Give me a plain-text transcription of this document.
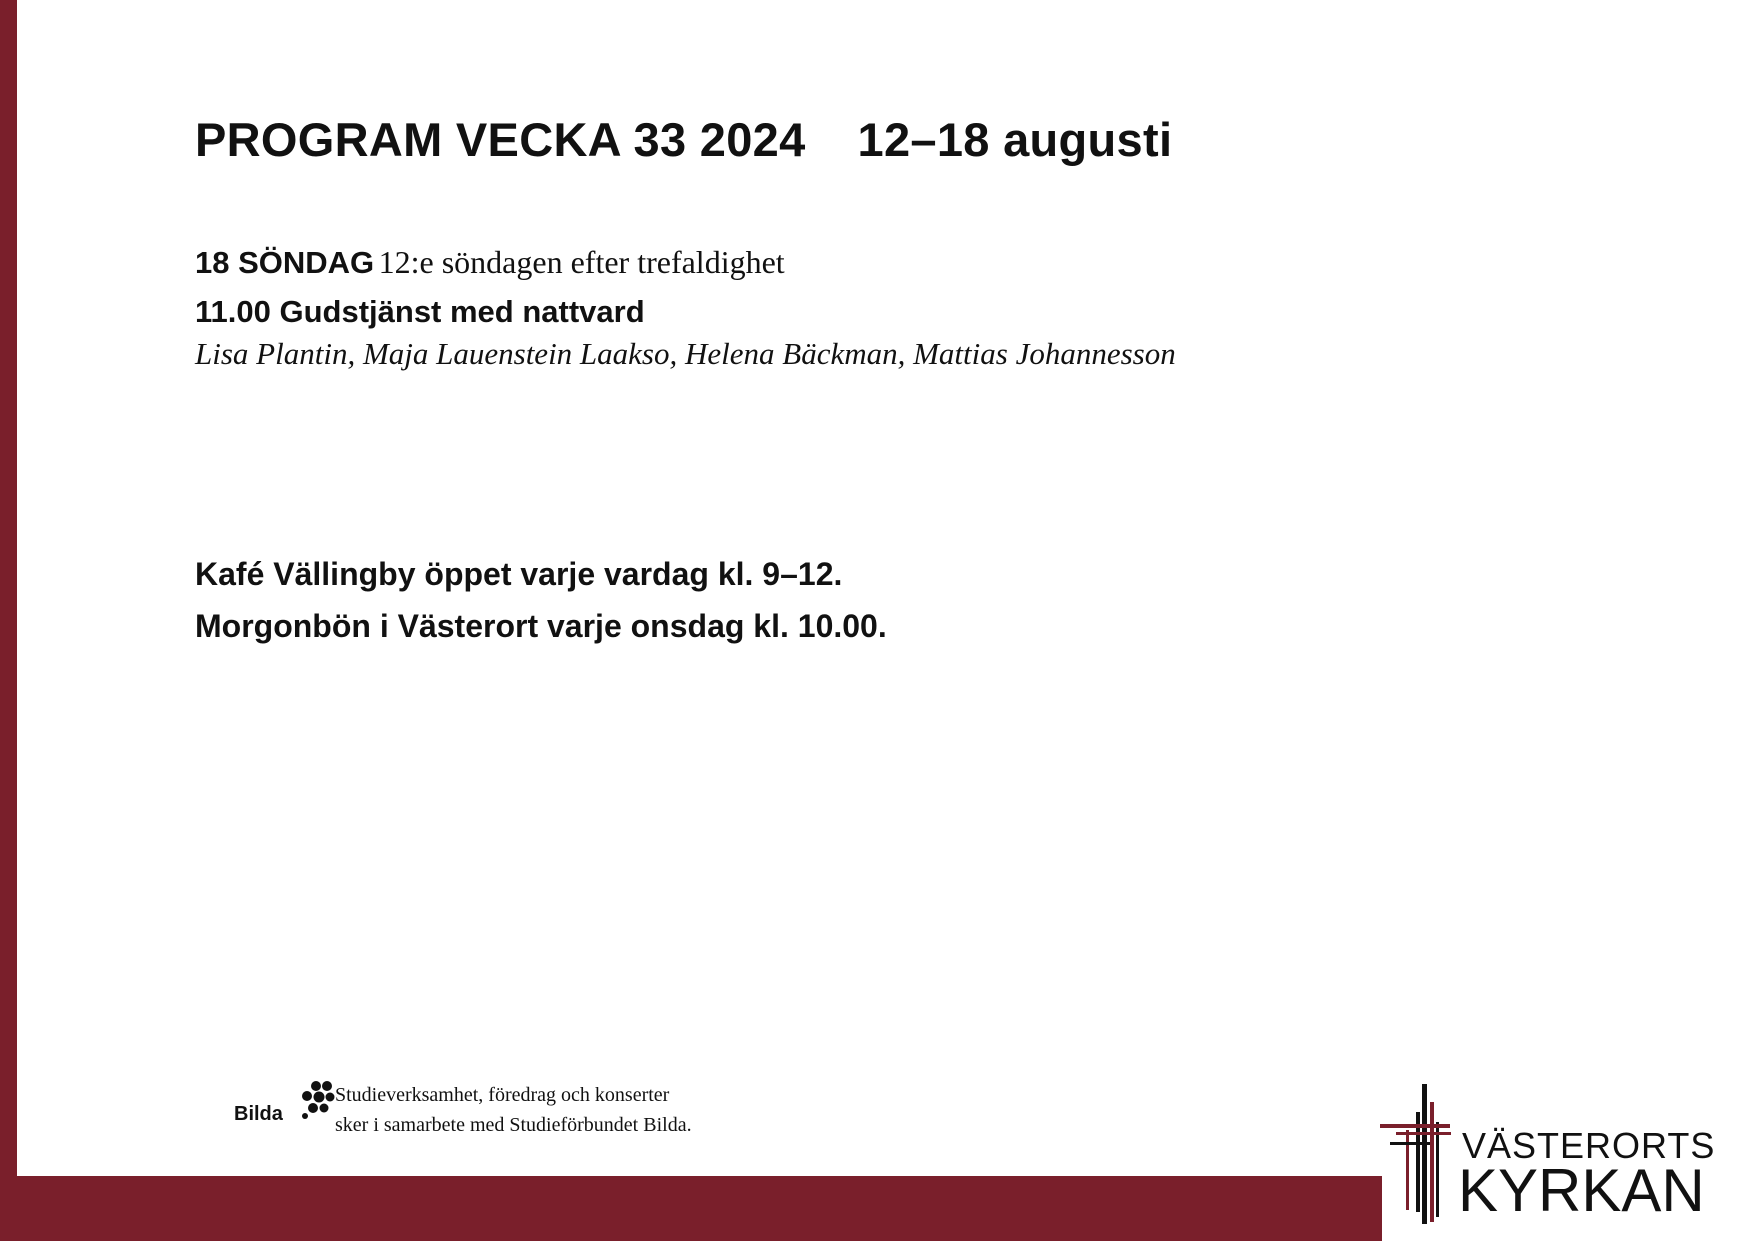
PROGRAM VECKA 33 2024 12–18 augusti
18 SÖNDAG 12:e söndagen efter trefaldighet
11.00 Gudstjänst med nattvard
Lisa Plantin, Maja Lauenstein Laakso, Helena Bäckman, Mattias Johannesson
Kafé Vällingby öppet varje vardag kl. 9–12.
Morgonbön i Västerort varje onsdag kl. 10.00.
Bilda
Studieverksamhet, föredrag och konserter
sker i samarbete med Studieförbundet Bilda.	VÄSTERORTS
KYRKAN
